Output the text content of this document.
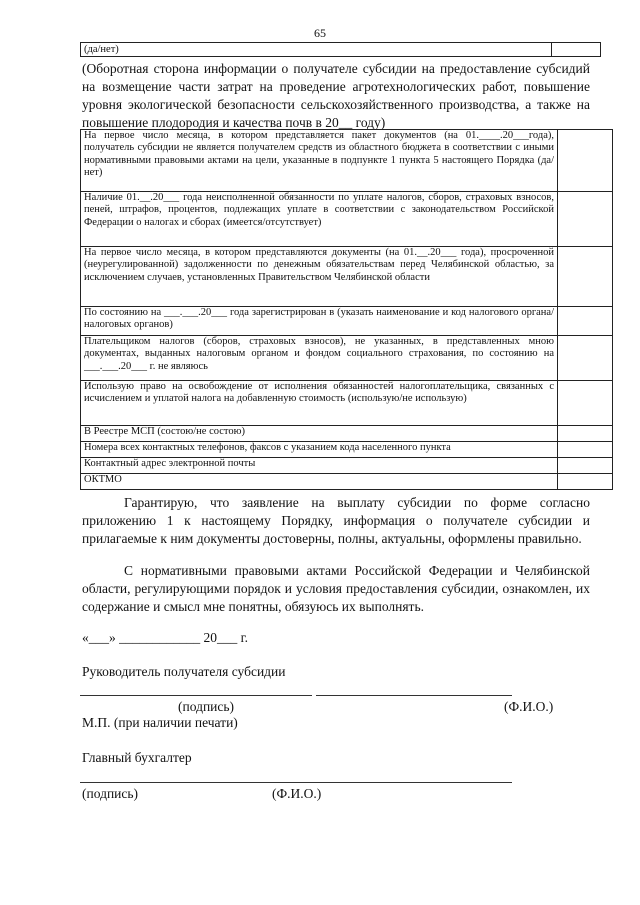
65
(да/нет)
(Оборотная сторона информации о получателе субсидии на предоставление субсидий на возмещение части затрат на проведение агротехнологических работ, повышение уровня экологической безопасности сельскохозяйственного производства, а также на повышение плодородия и качества почв в 20__ году)
На первое число месяца, в котором представляется пакет документов (на 01.____.20___года), получатель субсидии не является получателем средств из областного бюджета в соответствии с иными нормативными правовыми актами на цели, указанные в подпункте 1 пункта 5 настоящего Порядка (да/нет)	
Наличие 01.__.20___ года неисполненной обязанности по уплате налогов, сборов, страховых взносов, пеней, штрафов, процентов, подлежащих уплате в соответствии с законодательством Российской Федерации о налогах и сборах (имеется/отсутствует)	
На первое число месяца, в котором представляются документы (на 01.__.20___ года), просроченной (неурегулированной) задолженности по денежным обязательствам перед Челябинской областью, за исключением случаев, установленных Правительством Челябинской области	
По состоянию на ___.___.20___ года зарегистрирован в (указать наименование и код налогового органа/налоговых органов)	
Плательщиком налогов (сборов, страховых взносов), не указанных, в представленных мною документах, выданных налоговым органом и фондом социального страхования, по состоянию на ___.___.20___ г. не являюсь	
Использую право на освобождение от исполнения обязанностей налогоплательщика, связанных с исчислением и уплатой налога на добавленную стоимость (использую/не использую)	
В Реестре МСП (состою/не состою)	
Номера всех контактных телефонов, факсов с указанием кода населенного пункта	
Контактный адрес электронной почты	
ОКТМО	
Гарантирую, что заявление на выплату субсидии по форме согласно приложению 1 к настоящему Порядку, информация о получателе субсидии и прилагаемые к ним документы достоверны, полны, актуальны, оформлены правильно.
С нормативными правовыми актами Российской Федерации и Челябинской области, регулирующими порядок и условия предоставления субсидии, ознакомлен, их содержание и смысл мне понятны, обязуюсь их выполнять.
«___» ____________ 20___ г.
Руководитель получателя субсидии
(подпись)	(Ф.И.О.)
М.П. (при наличии печати)
Главный бухгалтер
(подпись)	(Ф.И.О.)
